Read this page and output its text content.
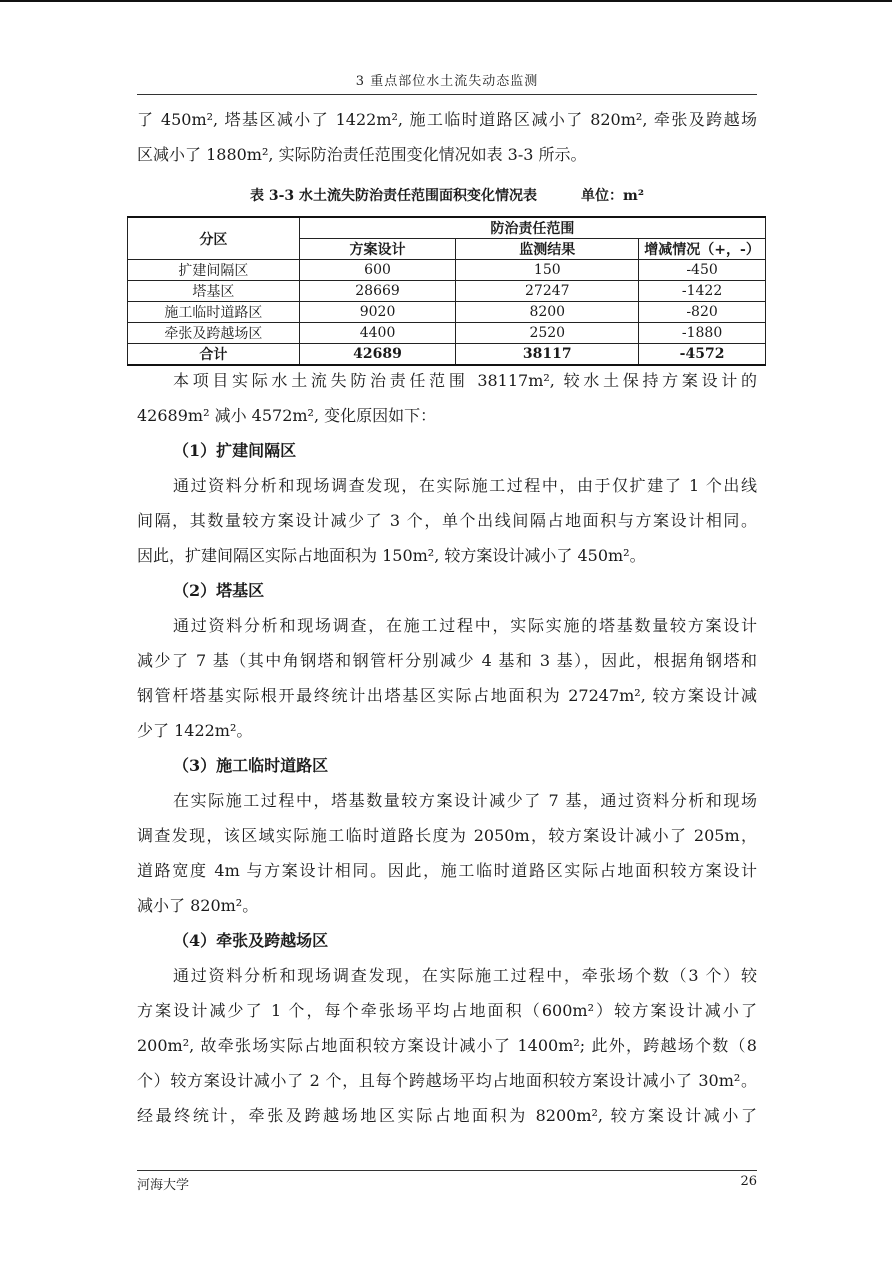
3 重点部位水土流失动态监测

了 450m², 塔基区减小了 1422m², 施工临时道路区减小了 820m², 牵张及跨越场
区减小了 1880m², 实际防治责任范围变化情况如表 3-3 所示。

表 3-3 水土流失防治责任范围面积变化情况表	单位：m²
分区	防治责任范围		
	方案设计	监测结果	增减情况（+，-）
扩建间隔区	600	150	-450
塔基区	28669	27247	-1422
施工临时道路区	9020	8200	-820
牵张及跨越场区	4400	2520	-1880
合计	42689	38117	-4572

本项目实际水土流失防治责任范围 38117m², 较水土保持方案设计的
42689m² 减小 4572m², 变化原因如下：

（1）扩建间隔区

通过资料分析和现场调查发现，在实际施工过程中，由于仅扩建了 1 个出线
间隔，其数量较方案设计减少了 3 个，单个出线间隔占地面积与方案设计相同。
因此，扩建间隔区实际占地面积为 150m², 较方案设计减小了 450m²。

（2）塔基区

通过资料分析和现场调查，在施工过程中，实际实施的塔基数量较方案设计
减少了 7 基（其中角钢塔和钢管杆分别减少 4 基和 3 基），因此，根据角钢塔和
钢管杆塔基实际根开最终统计出塔基区实际占地面积为 27247m², 较方案设计减
少了 1422m²。

（3）施工临时道路区

在实际施工过程中，塔基数量较方案设计减少了 7 基，通过资料分析和现场
调查发现，该区域实际施工临时道路长度为 2050m，较方案设计减小了 205m，
道路宽度 4m 与方案设计相同。因此，施工临时道路区实际占地面积较方案设计
减小了 820m²。

（4）牵张及跨越场区

通过资料分析和现场调查发现，在实际施工过程中，牵张场个数（3 个）较
方案设计减少了 1 个，每个牵张场平均占地面积（600m²）较方案设计减小了
200m², 故牵张场实际占地面积较方案设计减小了 1400m²; 此外，跨越场个数（8
个）较方案设计减小了 2 个，且每个跨越场平均占地面积较方案设计减小了 30m²。
经最终统计，牵张及跨越场地区实际占地面积为 8200m², 较方案设计减小了

河海大学	26
